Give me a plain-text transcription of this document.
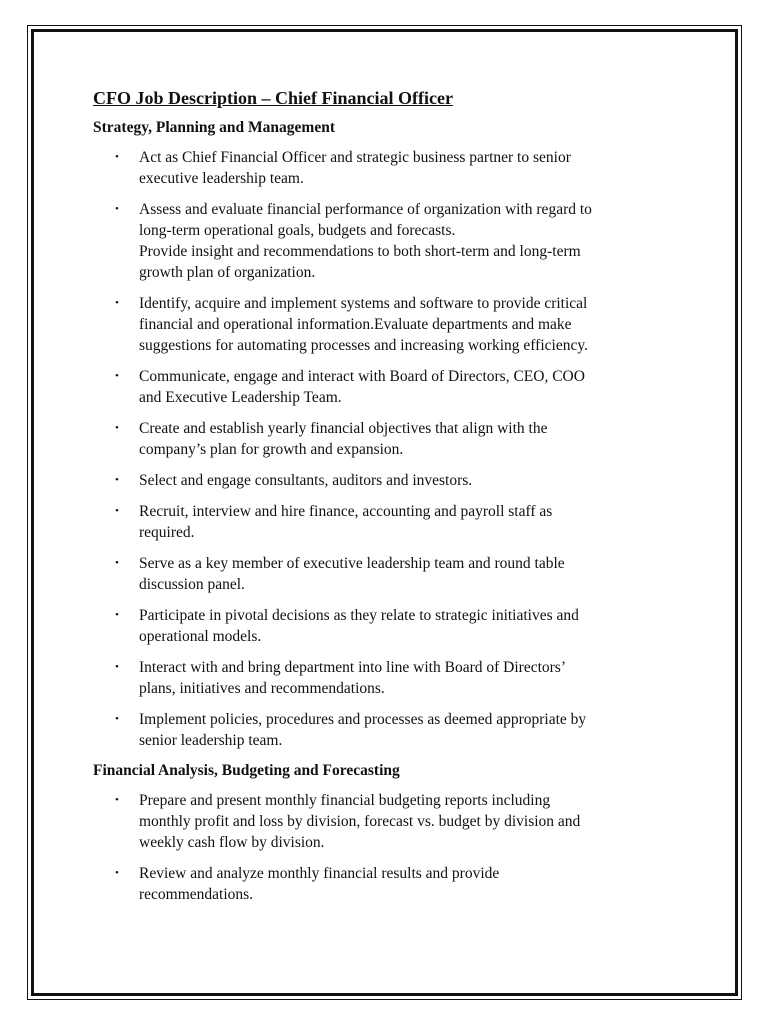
CFO Job Description – Chief Financial Officer
Strategy, Planning and Management
• Act as Chief Financial Officer and strategic business partner to senior
executive leadership team.
• Assess and evaluate financial performance of organization with regard to
long-term operational goals, budgets and forecasts.
Provide insight and recommendations to both short-term and long-term
growth plan of organization.
• Identify, acquire and implement systems and software to provide critical
financial and operational information.Evaluate departments and make
suggestions for automating processes and increasing working efficiency.
• Communicate, engage and interact with Board of Directors, CEO, COO
and Executive Leadership Team.
• Create and establish yearly financial objectives that align with the
company’s plan for growth and expansion.
• Select and engage consultants, auditors and investors.
• Recruit, interview and hire finance, accounting and payroll staff as
required.
• Serve as a key member of executive leadership team and round table
discussion panel.
• Participate in pivotal decisions as they relate to strategic initiatives and
operational models.
• Interact with and bring department into line with Board of Directors’
plans, initiatives and recommendations.
• Implement policies, procedures and processes as deemed appropriate by
senior leadership team.
Financial Analysis, Budgeting and Forecasting
• Prepare and present monthly financial budgeting reports including
monthly profit and loss by division, forecast vs. budget by division and
weekly cash flow by division.
• Review and analyze monthly financial results and provide
recommendations.
